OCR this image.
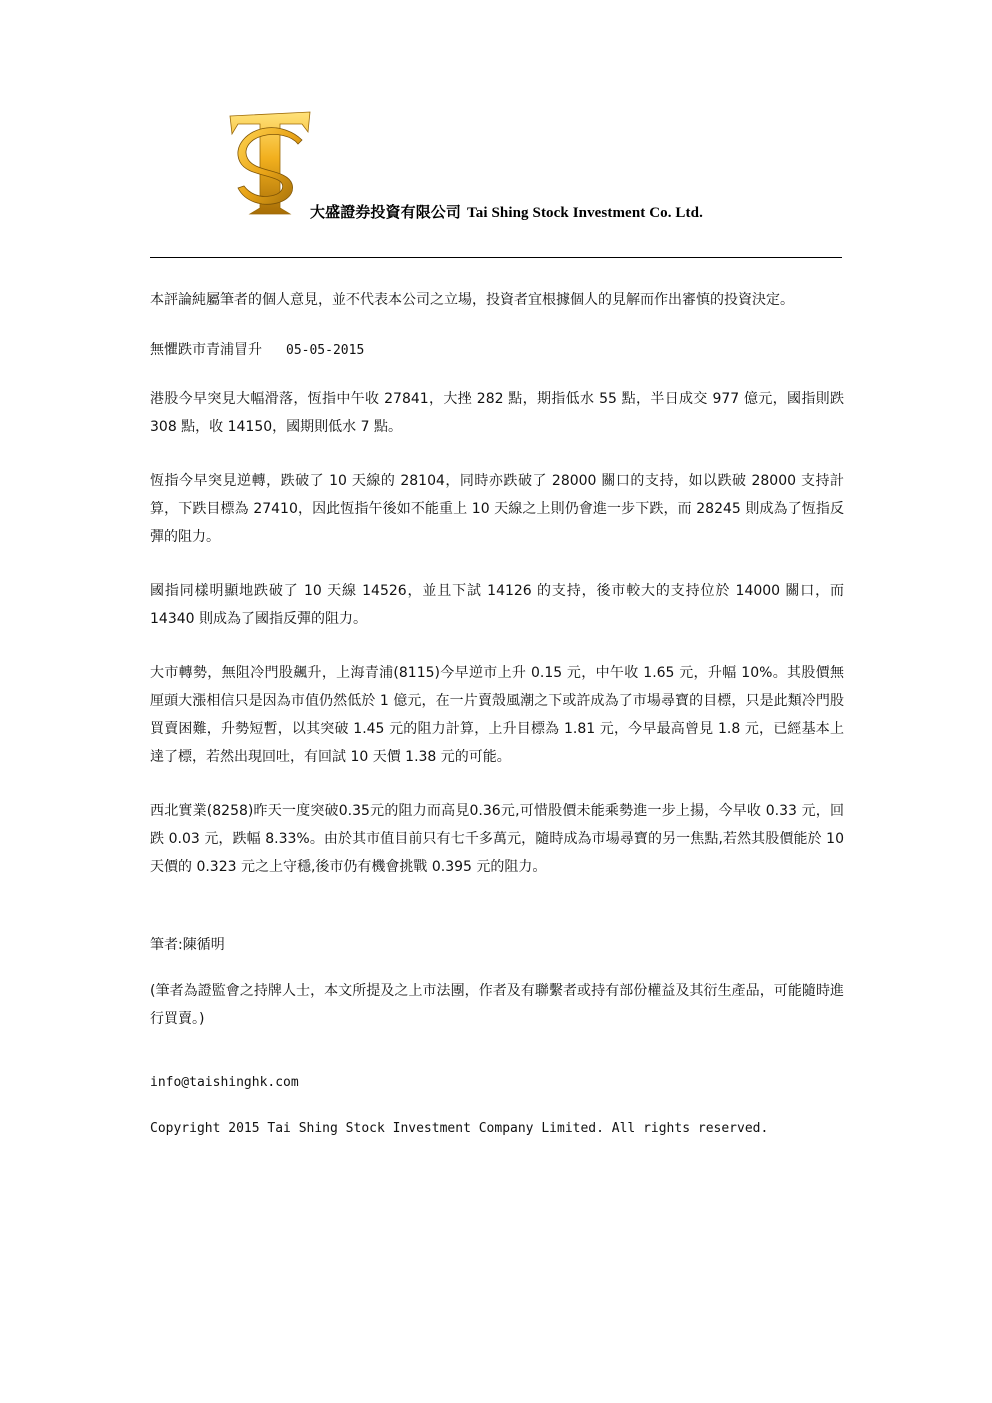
大盛證券投資有限公司 Tai Shing Stock Investment Co. Ltd.

本評論純屬筆者的個人意見，並不代表本公司之立場，投資者宜根據個人的見解而作出審慎的投資決定。

無懼跌市青浦冒升 05-05-2015

港股今早突見大幅滑落，恆指中午收 27841，大挫 282 點，期指低水 55 點，半日成交 977 億元，國指則跌 308 點，收 14150，國期則低水 7 點。

恆指今早突見逆轉，跌破了 10 天線的 28104，同時亦跌破了 28000 關口的支持，如以跌破 28000 支持計算，下跌目標為 27410，因此恆指午後如不能重上 10 天線之上則仍會進一步下跌，而 28245 則成為了恆指反彈的阻力。

國指同樣明顯地跌破了 10 天線 14526，並且下試 14126 的支持，後市較大的支持位於 14000 關口，而 14340 則成為了國指反彈的阻力。

大市轉勢，無阻冷門股飆升，上海青浦(8115)今早逆市上升 0.15 元，中午收 1.65 元，升幅 10%。其股價無厘頭大漲相信只是因為市值仍然低於 1 億元，在一片賣殼風潮之下或許成為了市場尋寶的目標，只是此類冷門股買賣困難，升勢短暫，以其突破 1.45 元的阻力計算，上升目標為 1.81 元，今早最高曾見 1.8 元，已經基本上達了標，若然出現回吐，有回試 10 天價 1.38 元的可能。

西北實業(8258)昨天一度突破0.35元的阻力而高見0.36元,可惜股價未能乘勢進一步上揚，今早收 0.33 元，回跌 0.03 元，跌幅 8.33%。由於其市值目前只有七千多萬元，隨時成為市場尋寶的另一焦點,若然其股價能於 10 天價的 0.323 元之上守穩,後市仍有機會挑戰 0.395 元的阻力。

筆者:陳循明

(筆者為證監會之持牌人士，本文所提及之上市法團，作者及有聯繫者或持有部份權益及其衍生產品，可能隨時進行買賣。)

info@taishinghk.com

Copyright 2015 Tai Shing Stock Investment Company Limited. All rights reserved.
